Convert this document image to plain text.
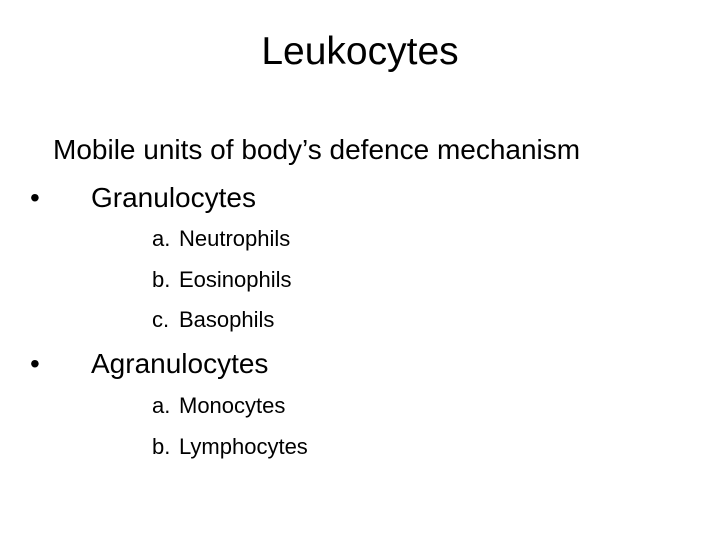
Leukocytes
Mobile units of body’s defence mechanism
•	Granulocytes
a. Neutrophils
b. Eosinophils
c. Basophils
•	Agranulocytes
a. Monocytes
b. Lymphocytes
